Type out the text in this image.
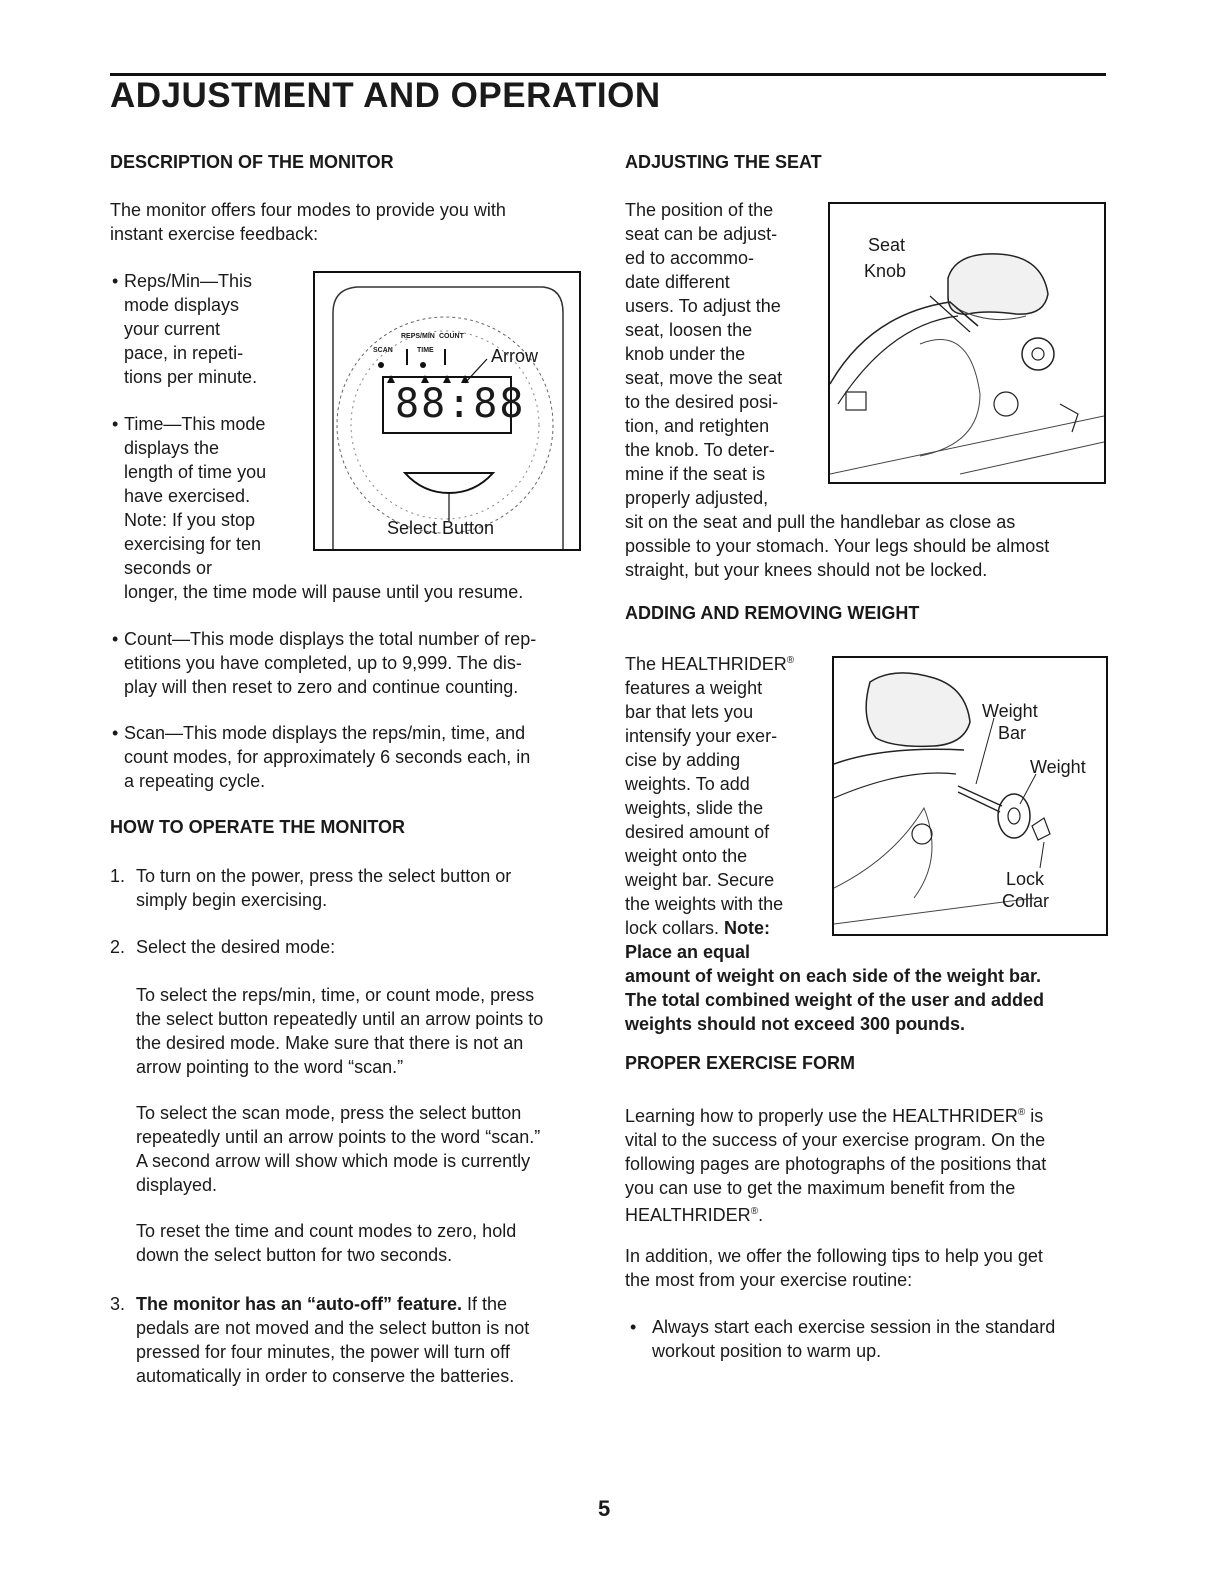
ADJUSTMENT AND OPERATION
DESCRIPTION OF THE MONITOR
The monitor offers four modes to provide you with
instant exercise feedback:
• Reps/Min—This
mode displays
your current
pace, in repeti-
tions per minute.
• Time—This mode
displays the
length of time you
have exercised.
Note: If you stop
exercising for ten
seconds or
longer, the time mode will pause until you resume.
• Count—This mode displays the total number of rep-
etitions you have completed, up to 9,999. The dis-
play will then reset to zero and continue counting.
• Scan—This mode displays the reps/min, time, and
count modes, for approximately 6 seconds each, in
a repeating cycle.
HOW TO OPERATE THE MONITOR
1. To turn on the power, press the select button or
simply begin exercising.
2. Select the desired mode:
To select the reps/min, time, or count mode, press
the select button repeatedly until an arrow points to
the desired mode. Make sure that there is not an
arrow pointing to the word “scan.”
To select the scan mode, press the select button
repeatedly until an arrow points to the word “scan.”
A second arrow will show which mode is currently
displayed.
To reset the time and count modes to zero, hold
down the select button for two seconds.
3. The monitor has an “auto-off” feature. If the
pedals are not moved and the select button is not
pressed for four minutes, the power will turn off
automatically in order to conserve the batteries.
REPS/MIN COUNT
SCAN	TIME
88:88
Arrow
Select Button
ADJUSTING THE SEAT
The position of the
seat can be adjust-
ed to accommo-
date different
users. To adjust the
seat, loosen the
knob under the
seat, move the seat
to the desired posi-
tion, and retighten
the knob. To deter-
mine if the seat is
properly adjusted,
sit on the seat and pull the handlebar as close as
possible to your stomach. Your legs should be almost
straight, but your knees should not be locked.
Seat
Knob
ADDING AND REMOVING WEIGHT
The HEALTHRIDER®
features a weight
bar that lets you
intensify your exer-
cise by adding
weights. To add
weights, slide the
desired amount of
weight onto the
weight bar. Secure
the weights with the
lock collars. Note:
Place an equal
amount of weight on each side of the weight bar.
The total combined weight of the user and added
weights should not exceed 300 pounds.
Weight
Bar
Weight
Lock
Collar
PROPER EXERCISE FORM
Learning how to properly use the HEALTHRIDER® is
vital to the success of your exercise program. On the
following pages are photographs of the positions that
you can use to get the maximum benefit from the
HEALTHRIDER®.
In addition, we offer the following tips to help you get
the most from your exercise routine:
• Always start each exercise session in the standard
workout position to warm up.
5
